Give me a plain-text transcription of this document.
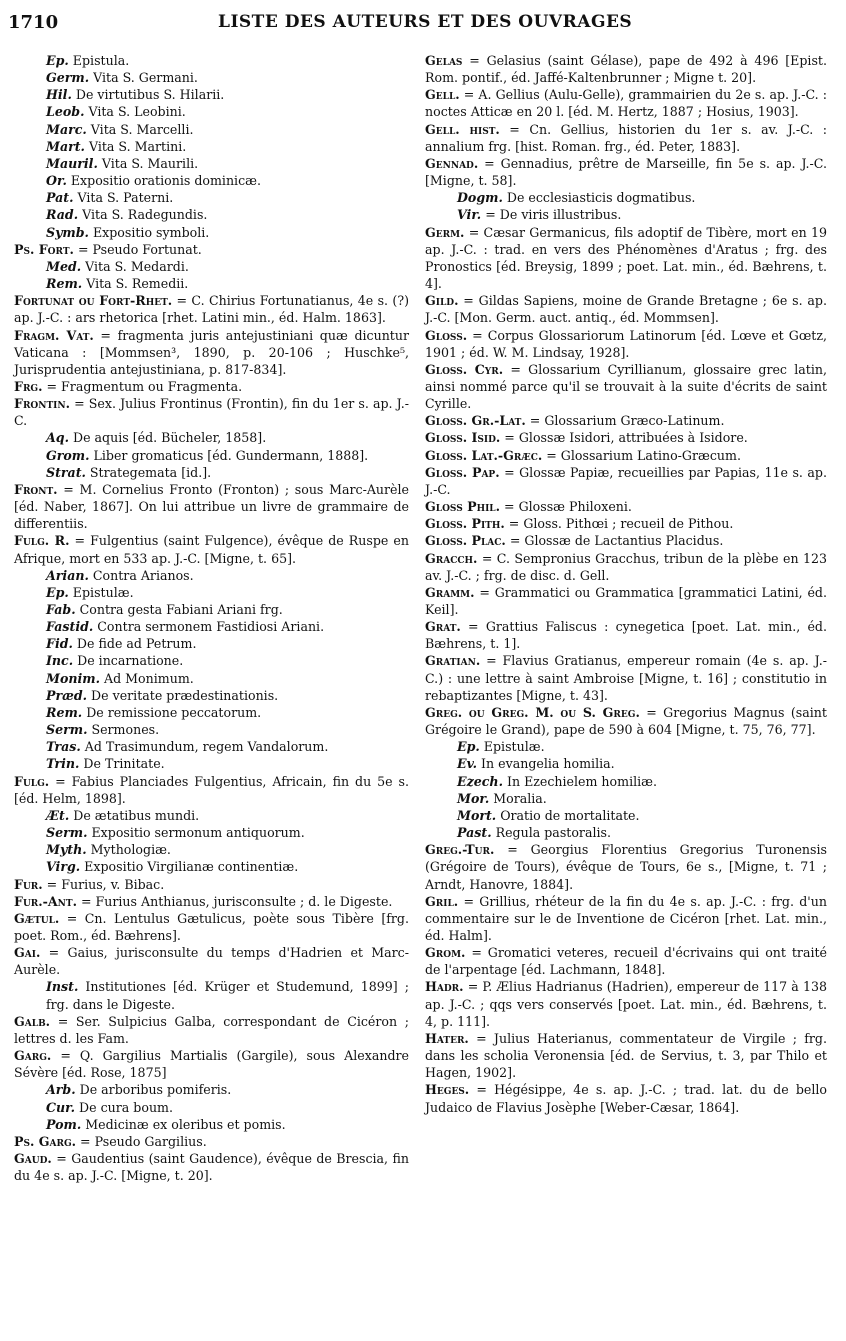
1710	LISTE DES AUTEURS ET DES OUVRAGES

Ep. Epistula.

Germ. Vita S. Germani.

Hil. De virtutibus S. Hilarii.

Leob. Vita S. Leobini.

Marc. Vita S. Marcelli.

Mart. Vita S. Martini.

Mauril. Vita S. Maurili.

Or. Expositio orationis dominicæ.

Pat. Vita S. Paterni.

Rad. Vita S. Radegundis.

Symb. Expositio symboli.

Ps. Fort. = Pseudo Fortunat.

Med. Vita S. Medardi.

Rem. Vita S. Remedii.

Fortunat ou Fort-Rhet. = C. Chirius Fortunatianus, 4e s. (?) ap. J.-C. : ars rhetorica [rhet. Latini min., éd. Halm. 1863].

Fragm. Vat. = fragmenta juris antejustiniani quæ dicuntur Vaticana : [Mommsen³, 1890, p. 20-106 ; Huschke⁵, Jurisprudentia antejustiniana, p. 817-834].

Frg. = Fragmentum ou Fragmenta.

Frontin. = Sex. Julius Frontinus (Frontin), fin du 1er s. ap. J.-C.

Aq. De aquis [éd. Bücheler, 1858].

Grom. Liber gromaticus [éd. Gundermann, 1888].

Strat. Strategemata [id.].

Front. = M. Cornelius Fronto (Fronton) ; sous Marc-Aurèle [éd. Naber, 1867]. On lui attribue un livre de grammaire de differentiis.

Fulg. R. = Fulgentius (saint Fulgence), évêque de Ruspe en Afrique, mort en 533 ap. J.-C. [Migne, t. 65].

Arian. Contra Arianos.

Ep. Epistulæ.

Fab. Contra gesta Fabiani Ariani frg.

Fastid. Contra sermonem Fastidiosi Ariani.

Fid. De fide ad Petrum.

Inc. De incarnatione.

Monim. Ad Monimum.

Præd. De veritate prædestinationis.

Rem. De remissione peccatorum.

Serm. Sermones.

Tras. Ad Trasimundum, regem Vandalorum.

Trin. De Trinitate.

Fulg. = Fabius Planciades Fulgentius, Africain, fin du 5e s. [éd. Helm, 1898].

Æt. De ætatibus mundi.

Serm. Expositio sermonum antiquorum.

Myth. Mythologiæ.

Virg. Expositio Virgilianæ continentiæ.

Fur. = Furius, v. Bibac.

Fur.-Ant. = Furius Anthianus, jurisconsulte ; d. le Digeste.

Gætul. = Cn. Lentulus Gætulicus, poète sous Tibère [frg. poet. Rom., éd. Bæhrens].

Gai. = Gaius, jurisconsulte du temps d'Hadrien et Marc-Aurèle.

Inst. Institutiones [éd. Krüger et Studemund, 1899] ; frg. dans le Digeste.

Galb. = Ser. Sulpicius Galba, correspondant de Cicéron ; lettres d. les Fam.

Garg. = Q. Gargilius Martialis (Gargile), sous Alexandre Sévère [éd. Rose, 1875]

Arb. De arboribus pomiferis.

Cur. De cura boum.

Pom. Medicinæ ex oleribus et pomis.

Ps. Garg. = Pseudo Gargilius.

Gaud. = Gaudentius (saint Gaudence), évêque de Brescia, fin du 4e s. ap. J.-C. [Migne, t. 20].

Gelas = Gelasius (saint Gélase), pape de 492 à 496 [Epist. Rom. pontif., éd. Jaffé-Kaltenbrunner ; Migne t. 20].

Gell. = A. Gellius (Aulu-Gelle), grammairien du 2e s. ap. J.-C. : noctes Atticæ en 20 l. [éd. M. Hertz, 1887 ; Hosius, 1903].

Gell. hist. = Cn. Gellius, historien du 1er s. av. J.-C. : annalium frg. [hist. Roman. frg., éd. Peter, 1883].

Gennad. = Gennadius, prêtre de Marseille, fin 5e s. ap. J.-C. [Migne, t. 58].

Dogm. De ecclesiasticis dogmatibus.

Vir. = De viris illustribus.

Germ. = Cæsar Germanicus, fils adoptif de Tibère, mort en 19 ap. J.-C. : trad. en vers des Phénomènes d'Aratus ; frg. des Pronostics [éd. Breysig, 1899 ; poet. Lat. min., éd. Bæhrens, t. 4].

Gild. = Gildas Sapiens, moine de Grande Bretagne ; 6e s. ap. J.-C. [Mon. Germ. auct. antiq., éd. Mommsen].

Gloss. = Corpus Glossariorum Latinorum [éd. Lœve et Gœtz, 1901 ; éd. W. M. Lindsay, 1928].

Gloss. Cyr. = Glossarium Cyrillianum, glossaire grec latin, ainsi nommé parce qu'il se trouvait à la suite d'écrits de saint Cyrille.

Gloss. Gr.-Lat. = Glossarium Græco-Latinum.

Gloss. Isid. = Glossæ Isidori, attribuées à Isidore.

Gloss. Lat.-Græc. = Glossarium Latino-Græcum.

Gloss. Pap. = Glossæ Papiæ, recueillies par Papias, 11e s. ap. J.-C.

Gloss Phil. = Glossæ Philoxeni.

Gloss. Pith. = Gloss. Pithœi ; recueil de Pithou.

Gloss. Plac. = Glossæ de Lactantius Placidus.

Gracch. = C. Sempronius Gracchus, tribun de la plèbe en 123 av. J.-C. ; frg. de disc. d. Gell.

Gramm. = Grammatici ou Grammatica [grammatici Latini, éd. Keil].

Grat. = Grattius Faliscus : cynegetica [poet. Lat. min., éd. Bæhrens, t. 1].

Gratian. = Flavius Gratianus, empereur romain (4e s. ap. J.-C.) : une lettre à saint Ambroise [Migne, t. 16] ; constitutio in rebaptizantes [Migne, t. 43].

Greg. ou Greg. M. ou S. Greg. = Gregorius Magnus (saint Grégoire le Grand), pape de 590 à 604 [Migne, t. 75, 76, 77].

Ep. Epistulæ.

Ev. In evangelia homilia.

Ezech. In Ezechielem homiliæ.

Mor. Moralia.

Mort. Oratio de mortalitate.

Past. Regula pastoralis.

Greg.-Tur. = Georgius Florentius Gregorius Turonensis (Grégoire de Tours), évêque de Tours, 6e s., [Migne, t. 71 ; Arndt, Hanovre, 1884].

Gril. = Grillius, rhéteur de la fin du 4e s. ap. J.-C. : frg. d'un commentaire sur le de Inventione de Cicéron [rhet. Lat. min., éd. Halm].

Grom. = Gromatici veteres, recueil d'écrivains qui ont traité de l'arpentage [éd. Lachmann, 1848].

Hadr. = P. Ælius Hadrianus (Hadrien), empereur de 117 à 138 ap. J.-C. ; qqs vers conservés [poet. Lat. min., éd. Bæhrens, t. 4, p. 111].

Hater. = Julius Haterianus, commentateur de Virgile ; frg. dans les scholia Veronensia [éd. de Servius, t. 3, par Thilo et Hagen, 1902].

Heges. = Hégésippe, 4e s. ap. J.-C. ; trad. lat. du de bello Judaico de Flavius Josèphe [Weber-Cæsar, 1864].
